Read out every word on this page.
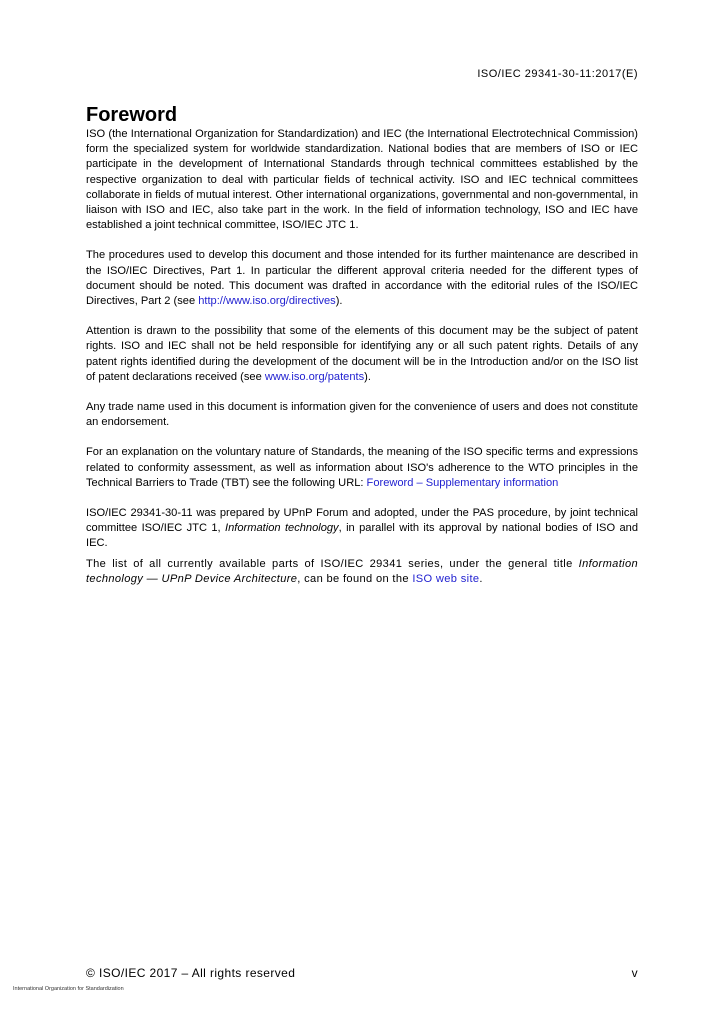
ISO/IEC 29341-30-11:2017(E)
Foreword

ISO (the International Organization for Standardization) and IEC (the International Electrotechnical Commission) form the specialized system for worldwide standardization. National bodies that are members of ISO or IEC participate in the development of International Standards through technical committees established by the respective organization to deal with particular fields of technical activity. ISO and IEC technical committees collaborate in fields of mutual interest. Other international organizations, governmental and non-governmental, in liaison with ISO and IEC, also take part in the work. In the field of information technology, ISO and IEC have established a joint technical committee, ISO/IEC JTC 1.

The procedures used to develop this document and those intended for its further maintenance are described in the ISO/IEC Directives, Part 1. In particular the different approval criteria needed for the different types of document should be noted. This document was drafted in accordance with the editorial rules of the ISO/IEC Directives, Part 2 (see http://www.iso.org/directives).

Attention is drawn to the possibility that some of the elements of this document may be the subject of patent rights. ISO and IEC shall not be held responsible for identifying any or all such patent rights. Details of any patent rights identified during the development of the document will be in the Introduction and/or on the ISO list of patent declarations received (see www.iso.org/patents).

Any trade name used in this document is information given for the convenience of users and does not constitute an endorsement.

For an explanation on the voluntary nature of Standards, the meaning of the ISO specific terms and expressions related to conformity assessment, as well as information about ISO's adherence to the WTO principles in the Technical Barriers to Trade (TBT) see the following URL: Foreword – Supplementary information

ISO/IEC 29341-30-11 was prepared by UPnP Forum and adopted, under the PAS procedure, by joint technical committee ISO/IEC JTC 1, Information technology, in parallel with its approval by national bodies of ISO and IEC.

The list of all currently available parts of ISO/IEC 29341 series, under the general title Information technology — UPnP Device Architecture, can be found on the ISO web site.

© ISO/IEC 2017 – All rights reserved	v
International Organization for Standardization
